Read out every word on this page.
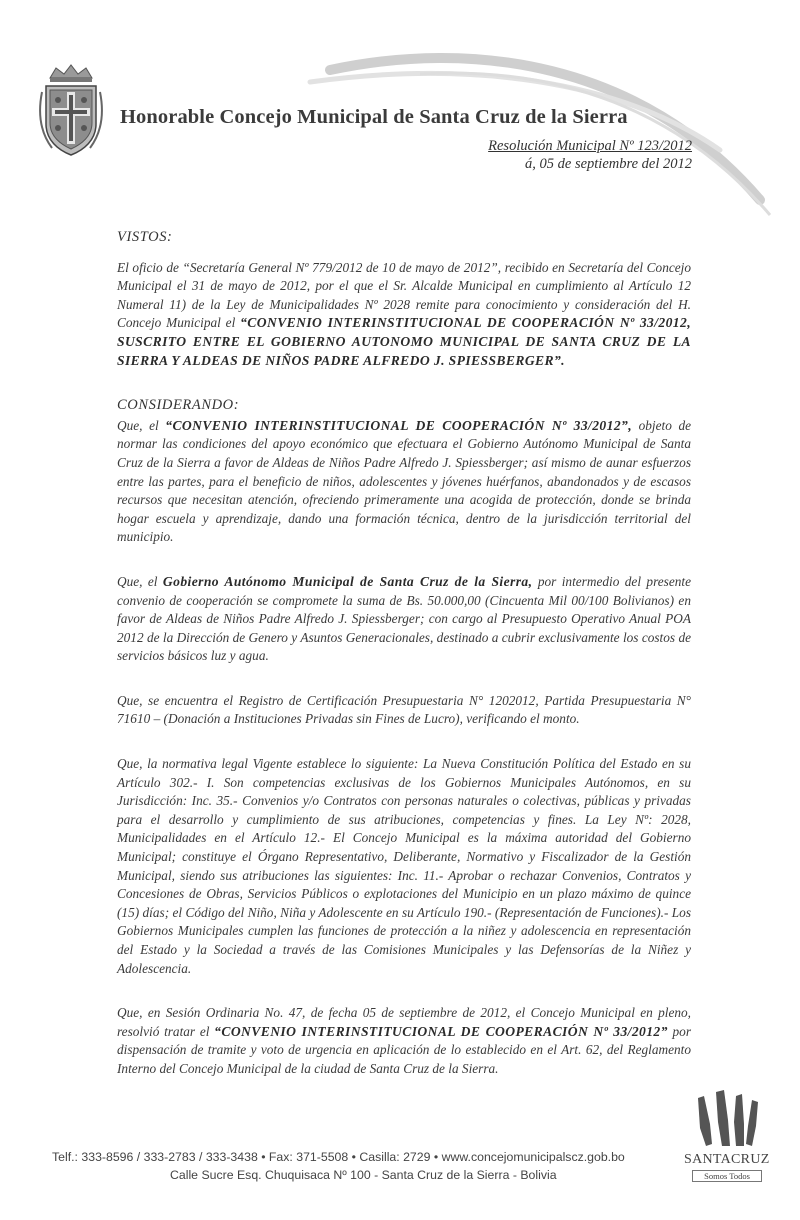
Honorable Concejo Municipal de Santa Cruz de la Sierra
Resolución Municipal Nº 123/2012
á, 05 de septiembre del 2012
VISTOS:

El oficio de “Secretaría General Nº 779/2012 de 10 de mayo de 2012”, recibido en Secretaría del Concejo Municipal el 31 de mayo de 2012, por el que el Sr. Alcalde Municipal en cumplimiento al Artículo 12 Numeral 11) de la Ley de Municipalidades Nº 2028 remite para conocimiento y consideración del H. Concejo Municipal el “CONVENIO INTERINSTITUCIONAL DE COOPERACIÓN Nº 33/2012, SUSCRITO ENTRE EL GOBIERNO AUTONOMO MUNICIPAL DE SANTA CRUZ DE LA SIERRA Y ALDEAS DE NIÑOS PADRE ALFREDO J. SPIESSBERGER”.

CONSIDERANDO:

Que, el “CONVENIO INTERINSTITUCIONAL DE COOPERACIÓN Nº 33/2012”, objeto de normar las condiciones del apoyo económico que efectuara el Gobierno Autónomo Municipal de Santa Cruz de la Sierra a favor de Aldeas de Niños Padre Alfredo J. Spiessberger; así mismo de aunar esfuerzos entre las partes, para el beneficio de niños, adolescentes y jóvenes huérfanos, abandonados y de escasos recursos que necesitan atención, ofreciendo primeramente una acogida de protección, donde se brinda hogar escuela y aprendizaje, dando una formación técnica, dentro de la jurisdicción territorial del municipio.

Que, el Gobierno Autónomo Municipal de Santa Cruz de la Sierra, por intermedio del presente convenio de cooperación se compromete la suma de Bs. 50.000,00 (Cincuenta Mil 00/100 Bolivianos) en favor de Aldeas de Niños Padre Alfredo J. Spiessberger; con cargo al Presupuesto Operativo Anual POA 2012 de la Dirección de Genero y Asuntos Generacionales, destinado a cubrir exclusivamente los costos de servicios básicos luz y agua.

Que, se encuentra el Registro de Certificación Presupuestaria N° 1202012, Partida Presupuestaria N° 71610 – (Donación a Instituciones Privadas sin Fines de Lucro), verificando el monto.

Que, la normativa legal Vigente establece lo siguiente: La Nueva Constitución Política del Estado en su Artículo 302.- I. Son competencias exclusivas de los Gobiernos Municipales Autónomos, en su Jurisdicción: Inc. 35.- Convenios y/o Contratos con personas naturales o colectivas, públicas y privadas para el desarrollo y cumplimiento de sus atribuciones, competencias y fines. La Ley Nº: 2028, Municipalidades en el Artículo 12.- El Concejo Municipal es la máxima autoridad del Gobierno Municipal; constituye el Órgano Representativo, Deliberante, Normativo y Fiscalizador de la Gestión Municipal, siendo sus atribuciones las siguientes: Inc. 11.- Aprobar o rechazar Convenios, Contratos y Concesiones de Obras, Servicios Públicos o explotaciones del Municipio en un plazo máximo de quince (15) días; el Código del Niño, Niña y Adolescente en su Artículo 190.- (Representación de Funciones).- Los Gobiernos Municipales cumplen las funciones de protección a la niñez y adolescencia en representación del Estado y la Sociedad a través de las Comisiones Municipales y las Defensorías de la Niñez y Adolescencia.

Que, en Sesión Ordinaria No. 47, de fecha 05 de septiembre de 2012, el Concejo Municipal en pleno, resolvió tratar el “CONVENIO INTERINSTITUCIONAL DE COOPERACIÓN Nº 33/2012” por dispensación de tramite y voto de urgencia en aplicación de lo establecido en el Art. 62, del Reglamento Interno del Concejo Municipal de la ciudad de Santa Cruz de la Sierra.

SANTACRUZ
Somos Todos
Telf.: 333-8596 / 333-2783 / 333-3438 • Fax: 371-5508 • Casilla: 2729 • www.concejomunicipalscz.gob.bo
Calle Sucre Esq. Chuquisaca Nº 100 - Santa Cruz de la Sierra - Bolivia
